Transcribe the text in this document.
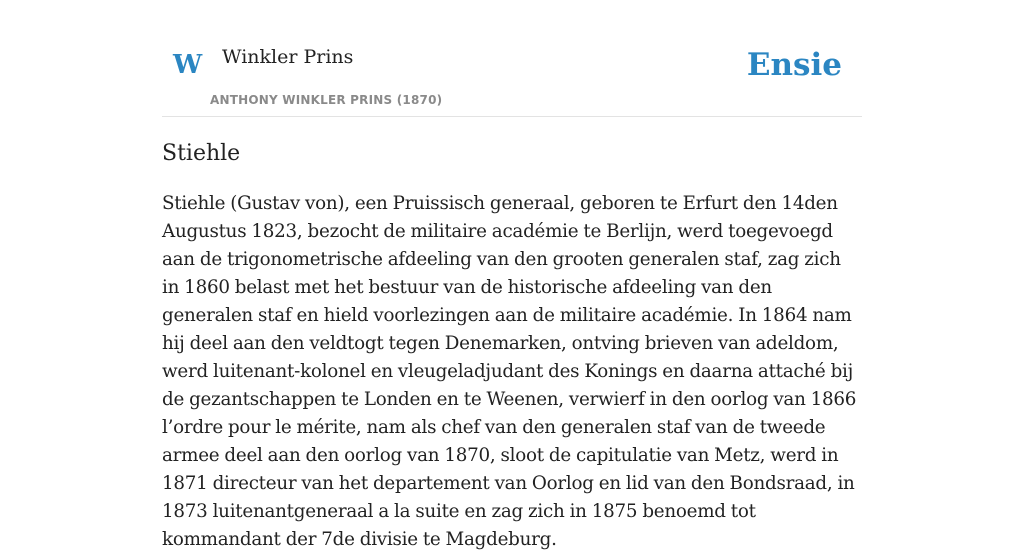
W Winkler Prins
ANTHONY WINKLER PRINS (1870)
Ensie
Stiehle

Stiehle (Gustav von), een Pruissisch generaal, geboren te Erfurt den 14den Augustus 1823, bezocht de militaire académie te Berlijn, werd toegevoegd aan de trigonometrische afdeeling van den grooten generalen staf, zag zich in 1860 belast met het bestuur van de historische afdeeling van den generalen staf en hield voorlezingen aan de militaire académie. In 1864 nam hij deel aan den veldtogt tegen Denemarken, ontving brieven van adeldom, werd luitenant-kolonel en vleugeladjudant des Konings en daarna attaché bij de gezantschappen te Londen en te Weenen, verwierf in den oorlog van 1866 l’ordre pour le mérite, nam als chef van den generalen staf van de tweede armee deel aan den oorlog van 1870, sloot de capitulatie van Metz, werd in 1871 directeur van het departement van Oorlog en lid van den Bondsraad, in 1873 luitenantgeneraal a la suite en zag zich in 1875 benoemd tot kommandant der 7de divisie te Magdeburg.
